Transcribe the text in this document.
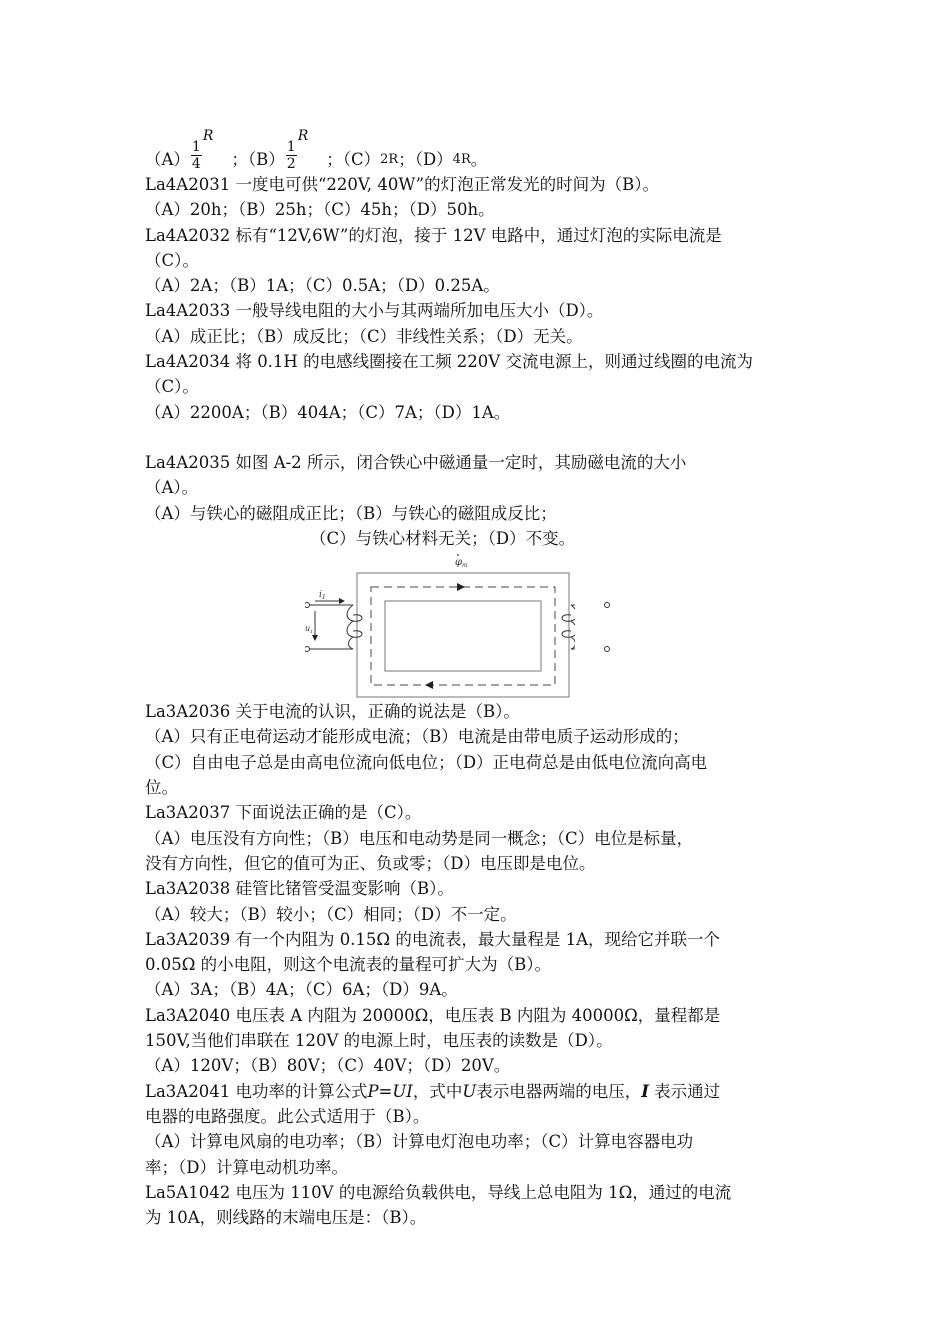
$(A) \frac{1}{4}$
R
；$(B) \frac{1}{2}$
R
；（C） 2R ；（D） 4R 。
La4A2031 一度电可供“220V, 40W”的灯泡正常发光的时间为（B）。
（A）20h；（B）25h；（C）45h；（D）50h。
La4A2032 标有“12V,6W”的灯泡，接于 12V 电路中，通过灯泡的实际电流是
（C）。
（A）2A；（B）1A；（C）0.5A；（D）0.25A。
La4A2033 一般导线电阻的大小与其两端所加电压大小（D）。
（A）成正比；（B）成反比；（C）非线性关系；（D）无关。
La4A2034 将 0.1H 的电感线圈接在工频 220V 交流电源上，则通过线圈的电流为
（C）。
（A）2200A；（B）404A；（C）7A；（D）1A。
La4A2035 如图 A-2 所示，闭合铁心中磁通量一定时，其励磁电流的大小
（A）。
（A）与铁心的磁阻成正比；（B）与铁心的磁阻成反比；
（C）与铁心材料无关；（D）不变。
$\varphi_m$
$i_1$
$u_1$
La3A2036 关于电流的认识，正确的说法是（B）。
（A）只有正电荷运动才能形成电流；（B）电流是由带电质子运动形成的；
（C）自由电子总是由高电位流向低电位；（D）正电荷总是由低电位流向高电
位。
La3A2037 下面说法正确的是（C）。
（A）电压没有方向性；（B）电压和电动势是同一概念；（C）电位是标量，
没有方向性，但它的值可为正、负或零；（D）电压即是电位。
La3A2038 硅管比锗管受温变影响（B）。
（A）较大；（B）较小；（C）相同；（D）不一定。
La3A2039 有一个内阻为 0.15Ω 的电流表，最大量程是 1A，现给它并联一个
0.05Ω 的小电阻，则这个电流表的量程可扩大为（B）。
（A）3A；（B）4A；（C）6A；（D）9A。
La3A2040 电压表 A 内阻为 20000Ω，电压表 B 内阻为 40000Ω，量程都是
150V,当他们串联在 120V 的电源上时，电压表的读数是（D）。
（A）120V；（B）80V；（C）40V；（D）20V。
La3A2041 电功率的计算公式P=UI，式中U表示电器两端的电压，I 表示通过
电器的电路强度。此公式适用于（B）。
（A）计算电风扇的电功率；（B）计算电灯泡电功率；（C）计算电容器电功
率；（D）计算电动机功率。
La5A1042 电压为 110V 的电源给负载供电，导线上总电阻为 1Ω，通过的电流
为 10A，则线路的末端电压是：（B）。
